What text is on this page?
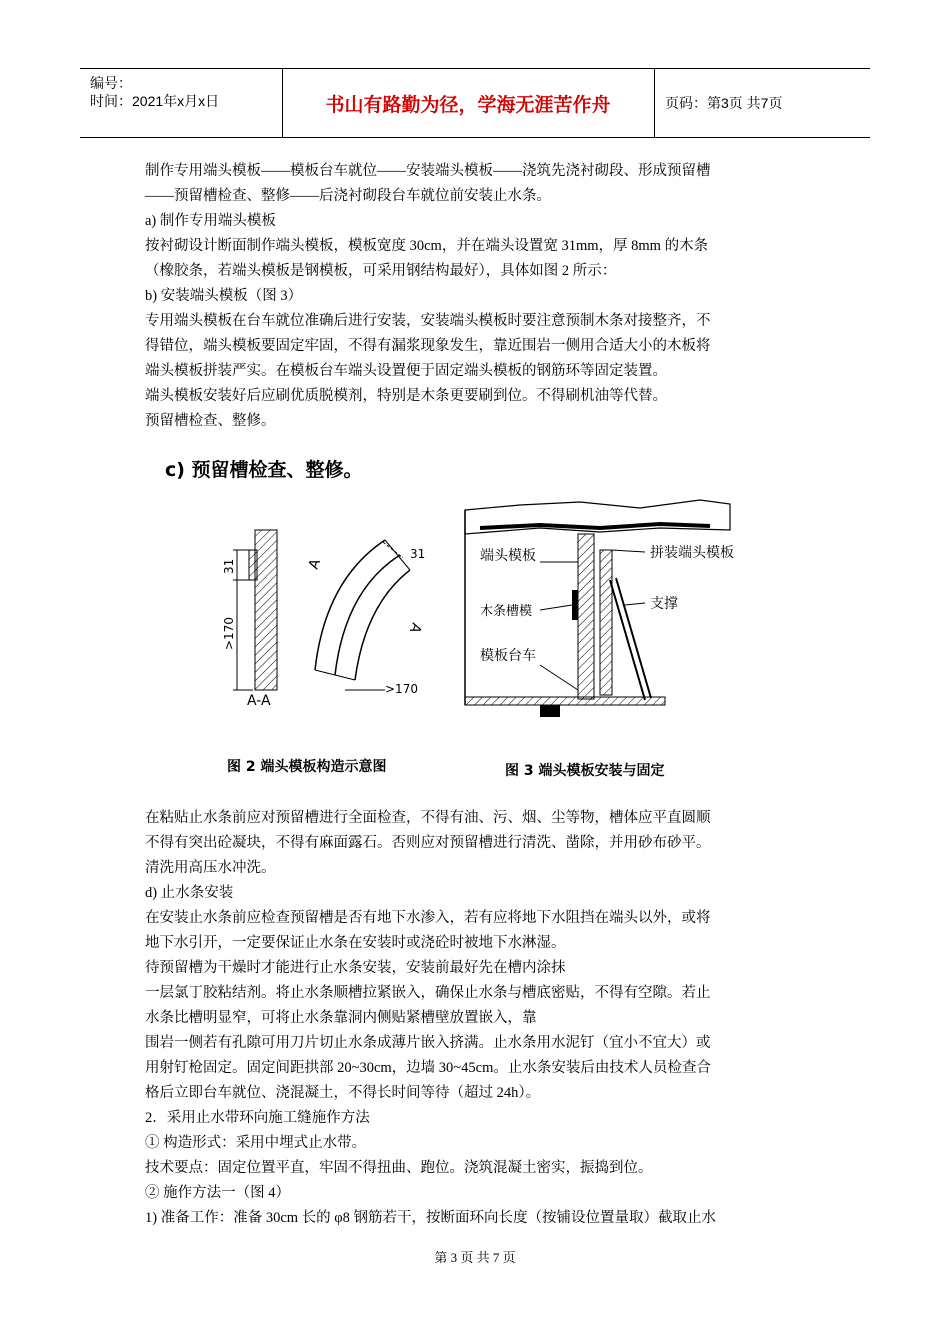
编号：
时间：2021年x月x日	书山有路勤为径，学海无涯苦作舟	页码：第3页 共7页
制作专用端头模板——模板台车就位——安装端头模板——浇筑先浇衬砌段、形成预留槽
——预留槽检查、整修——后浇衬砌段台车就位前安装止水条。
a) 制作专用端头模板
按衬砌设计断面制作端头模板，模板宽度 30cm，并在端头设置宽 31mm，厚 8mm 的木条
（橡胶条，若端头模板是钢模板，可采用钢结构最好），具体如图 2 所示：
b) 安装端头模板（图 3）
专用端头模板在台车就位准确后进行安装，安装端头模板时要注意预制木条对接整齐，不
得错位，端头模板要固定牢固，不得有漏浆现象发生，靠近围岩一侧用合适大小的木板将
端头模板拼装严实。在模板台车端头设置便于固定端头模板的钢筋环等固定装置。
端头模板安装好后应刷优质脱模剂，特别是木条更要刷到位。不得刷机油等代替。
预留槽检查、整修。
c) 预留槽检查、整修。
31
>170
A-A
31
A
A
>170
端头模板	拼装端头模板
木条槽模	支撑
模板台车
图 2 端头模板构造示意图	图 3 端头模板安装与固定
在粘贴止水条前应对预留槽进行全面检查，不得有油、污、烟、尘等物，槽体应平直圆顺
不得有突出砼凝块，不得有麻面露石。否则应对预留槽进行清洗、凿除，并用砂布砂平。
清洗用高压水冲洗。
d) 止水条安装
在安装止水条前应检查预留槽是否有地下水渗入，若有应将地下水阻挡在端头以外，或将
地下水引开，一定要保证止水条在安装时或浇砼时被地下水淋湿。
待预留槽为干燥时才能进行止水条安装，安装前最好先在槽内涂抹
一层氯丁胶粘结剂。将止水条顺槽拉紧嵌入，确保止水条与槽底密贴，不得有空隙。若止
水条比槽明显窄，可将止水条靠洞内侧贴紧槽壁放置嵌入，靠
围岩一侧若有孔隙可用刀片切止水条成薄片嵌入挤满。止水条用水泥钉（宜小不宜大）或
用射钉枪固定。固定间距拱部 20~30cm，边墙 30~45cm。止水条安装后由技术人员检查合
格后立即台车就位、浇混凝土，不得长时间等待（超过 24h）。
2．采用止水带环向施工缝施作方法
① 构造形式：采用中埋式止水带。
技术要点：固定位置平直，牢固不得扭曲、跑位。浇筑混凝土密实，振捣到位。
② 施作方法一（图 4）
1) 准备工作：准备 30cm 长的 φ8 钢筋若干，按断面环向长度（按铺设位置量取）截取止水
第 3 页 共 7 页
